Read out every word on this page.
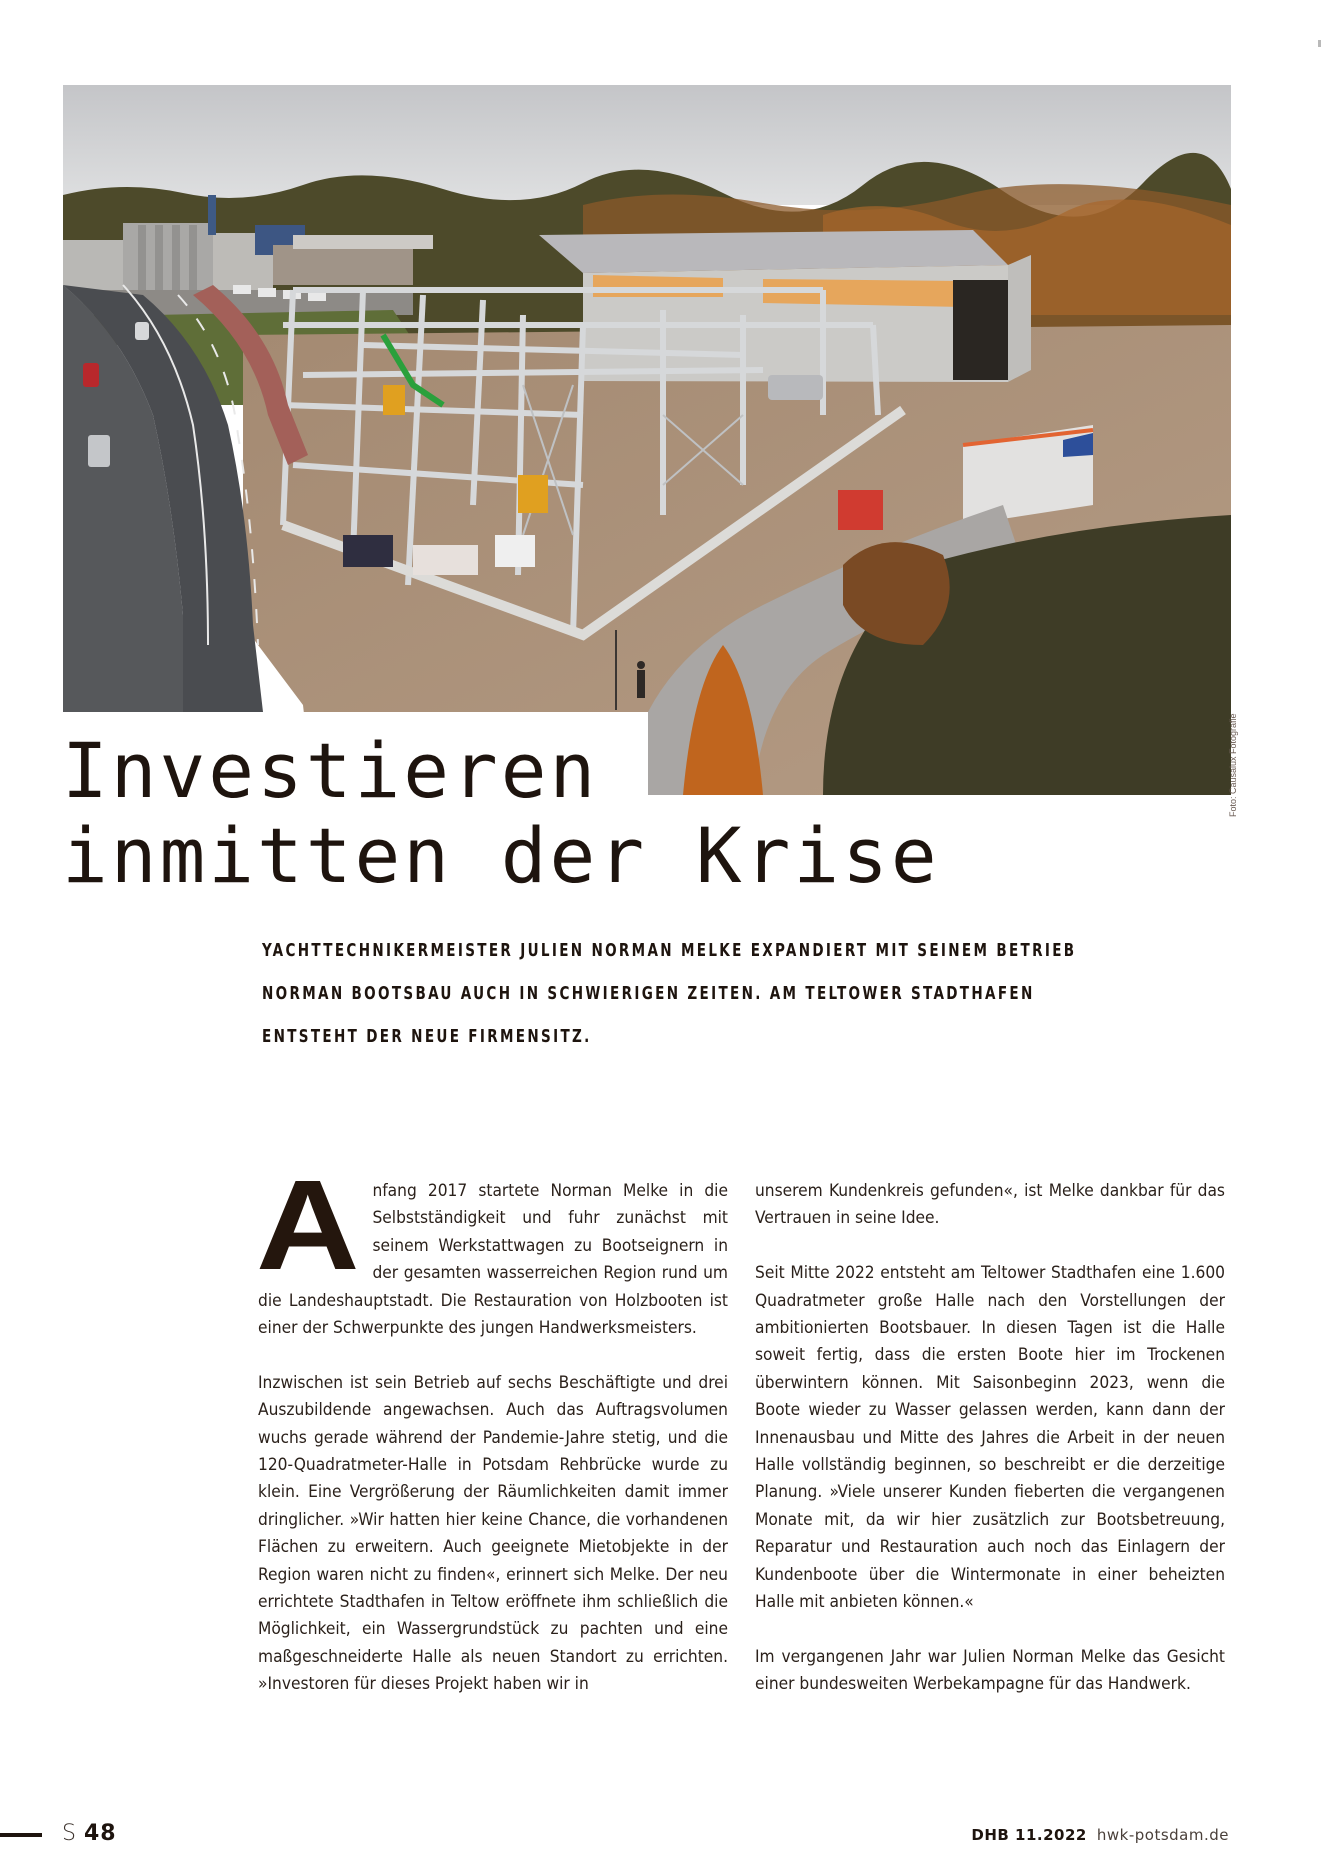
Foto: Causalux Fotografie
Investieren
inmitten der Krise

YACHTTECHNIKERMEISTER JULIEN NORMAN MELKE EXPANDIERT MIT SEINEM BETRIEB
NORMAN BOOTSBAU AUCH IN SCHWIERIGEN ZEITEN. AM TELTOWER STADTHAFEN
ENTSTEHT DER NEUE FIRMENSITZ.

Anfang 2017 startete Norman Melke in die Selbstständigkeit und fuhr zunächst mit seinem Werkstattwagen zu Bootseignern in der gesamten wasserreichen Region rund um die Landeshauptstadt. Die Restauration von Holzbooten ist einer der Schwerpunkte des jungen Handwerksmeisters.

Inzwischen ist sein Betrieb auf sechs Beschäftigte und drei Auszubildende angewachsen. Auch das Auftragsvolumen wuchs gerade während der Pandemie-Jahre stetig, und die 120-Quadratmeter-Halle in Potsdam Rehbrücke wurde zu klein. Eine Vergrößerung der Räumlichkeiten damit immer dringlicher. »Wir hatten hier keine Chance, die vorhandenen Flächen zu erweitern. Auch geeignete Mietobjekte in der Region waren nicht zu finden«, erinnert sich Melke. Der neu errichtete Stadthafen in Teltow eröffnete ihm schließlich die Möglichkeit, ein Wassergrundstück zu pachten und eine maßgeschneiderte Halle als neuen Standort zu errichten. »Investoren für dieses Projekt haben wir in

unserem Kundenkreis gefunden«, ist Melke dankbar für das Vertrauen in seine Idee.

Seit Mitte 2022 entsteht am Teltower Stadthafen eine 1.600 Quadratmeter große Halle nach den Vorstellungen der ambitionierten Bootsbauer. In diesen Tagen ist die Halle soweit fertig, dass die ersten Boote hier im Trockenen überwintern können. Mit Saisonbeginn 2023, wenn die Boote wieder zu Wasser gelassen werden, kann dann der Innenausbau und Mitte des Jahres die Arbeit in der neuen Halle vollständig beginnen, so beschreibt er die derzeitige Planung. »Viele unserer Kunden fieberten die vergangenen Monate mit, da wir hier zusätzlich zur Bootsbetreuung, Reparatur und Restauration auch noch das Einlagern der Kundenboote über die Wintermonate in einer beheizten Halle mit anbieten können.«

Im vergangenen Jahr war Julien Norman Melke das Gesicht einer bundesweiten Werbekampagne für das Handwerk.

S 48	DHB 11.2022 hwk-potsdam.de
